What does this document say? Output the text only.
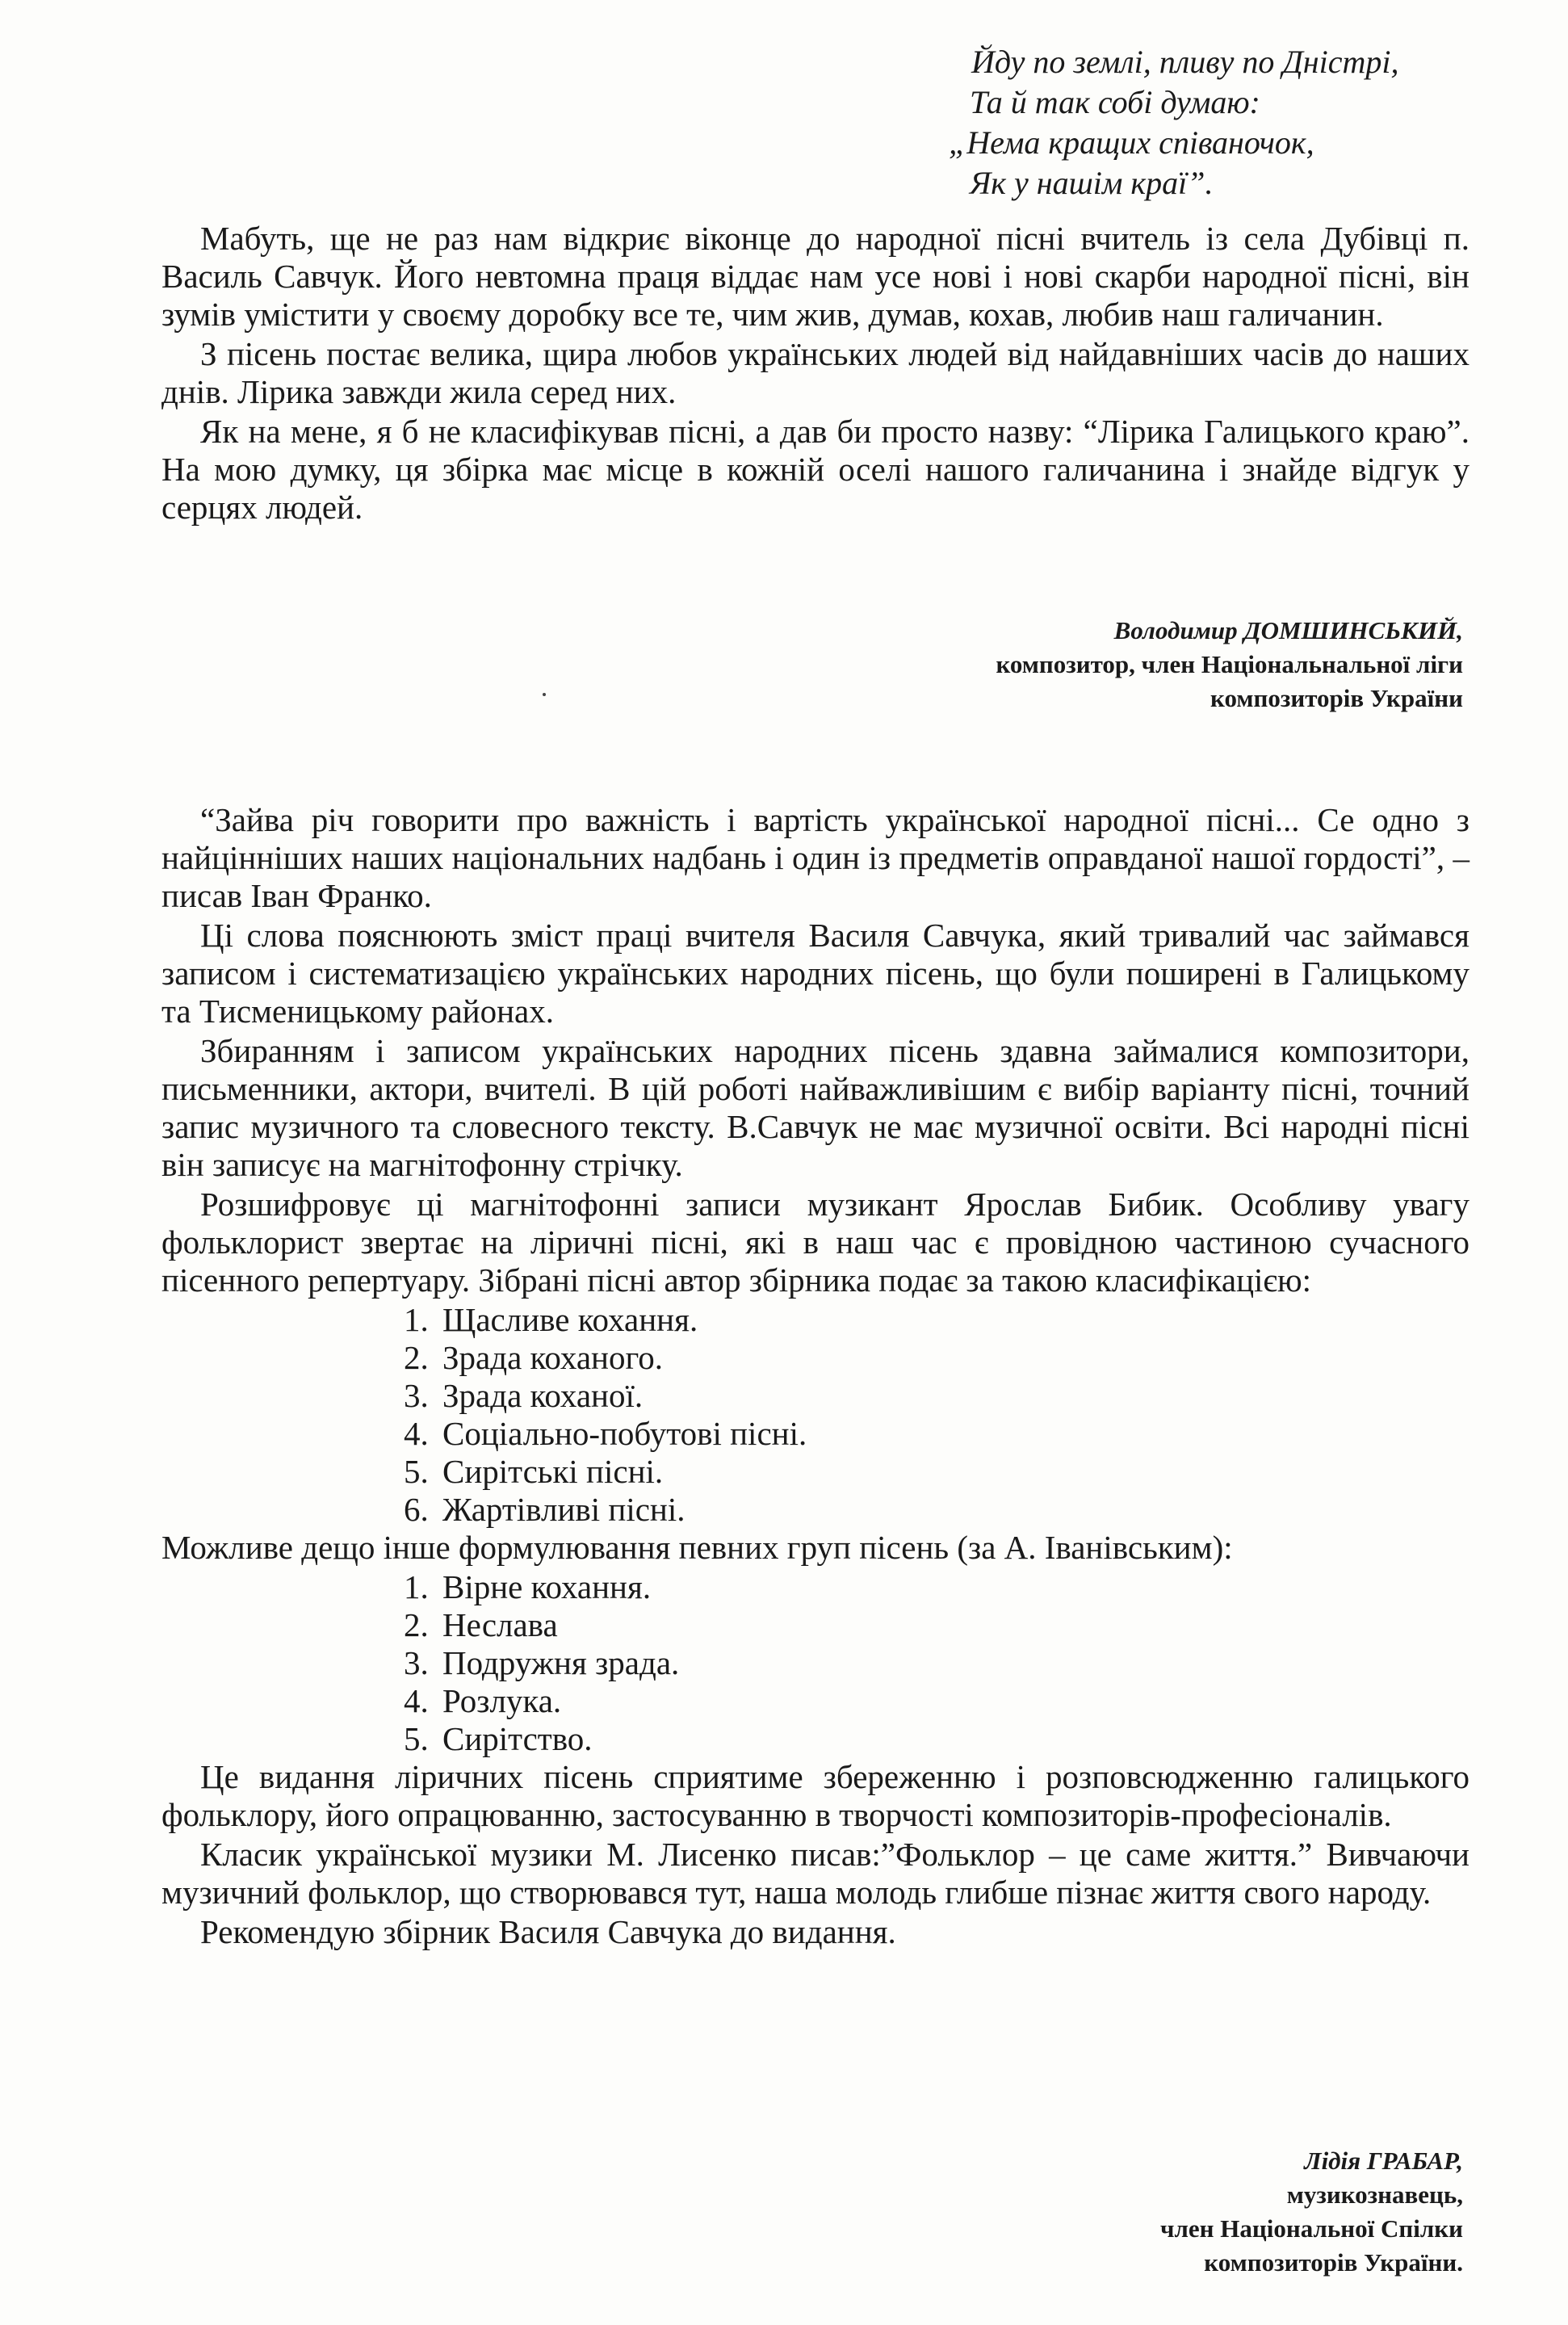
Йду по землі, пливу по Дністрі,
Та й так собі думаю:
„Нема кращих співаночок,
Як у нашім краї”.

Мабуть, ще не раз нам відкриє віконце до народної пісні вчитель із села Дубівці п. Василь Савчук. Його невтомна праця віддає нам усе нові і нові скарби народної пісні, він зумів умістити у своєму доробку все те, чим жив, думав, кохав, любив наш галичанин.

З пісень постає велика, щира любов українських людей від найдавніших часів до наших днів. Лірика завжди жила серед них.

Як на мене, я б не класифікував пісні, а дав би просто назву: “Лірика Галицького краю”. На мою думку, ця збірка має місце в кожній оселі нашого галичанина і знайде відгук у серцях людей.

Володимир ДОМШИНСЬКИЙ,
композитор, член Національнальної ліги
композиторів України

“Зайва річ говорити про важність і вартість української народної пісні... Се одно з найцінніших наших національних надбань і один із предметів оправданої нашої гордості”, – писав Іван Франко.

Ці слова пояснюють зміст праці вчителя Василя Савчука, який тривалий час займався записом і систематизацією українських народних пісень, що були поширені в Галицькому та Тисменицькому районах.

Збиранням і записом українських народних пісень здавна займалися композитори, письменники, актори, вчителі. В цій роботі найважливішим є вибір варіанту пісні, точний запис музичного та словесного тексту. В.Савчук не має музичної освіти. Всі народні пісні він записує на магнітофонну стрічку.

Розшифровує ці магнітофонні записи музикант Ярослав Бибик. Особливу увагу фольклорист звертає на ліричні пісні, які в наш час є провідною частиною сучасного пісенного репертуару. Зібрані пісні автор збірника подає за такою класифікацією:

1. Щасливе кохання.
2. Зрада коханого.
3. Зрада коханої.
4. Соціально-побутові пісні.
5. Сирітські пісні.
6. Жартівливі пісні.

Можливе дещо інше формулювання певних груп пісень (за А. Іванівським):

1. Вірне кохання.
2. Неслава
3. Подружня зрада.
4. Розлука.
5. Сирітство.

Це видання ліричних пісень сприятиме збереженню і розповсюдженню галицького фольклору, його опрацюванню, застосуванню в творчості композиторів-професіоналів.

Класик української музики М. Лисенко писав:”Фольклор – це саме життя.” Вивчаючи музичний фольклор, що створювався тут, наша молодь глибше пізнає життя свого народу.

Рекомендую збірник Василя Савчука до видання.

Лідія ГРАБАР,
музикознавець,
член Національної Спілки
композиторів України.
